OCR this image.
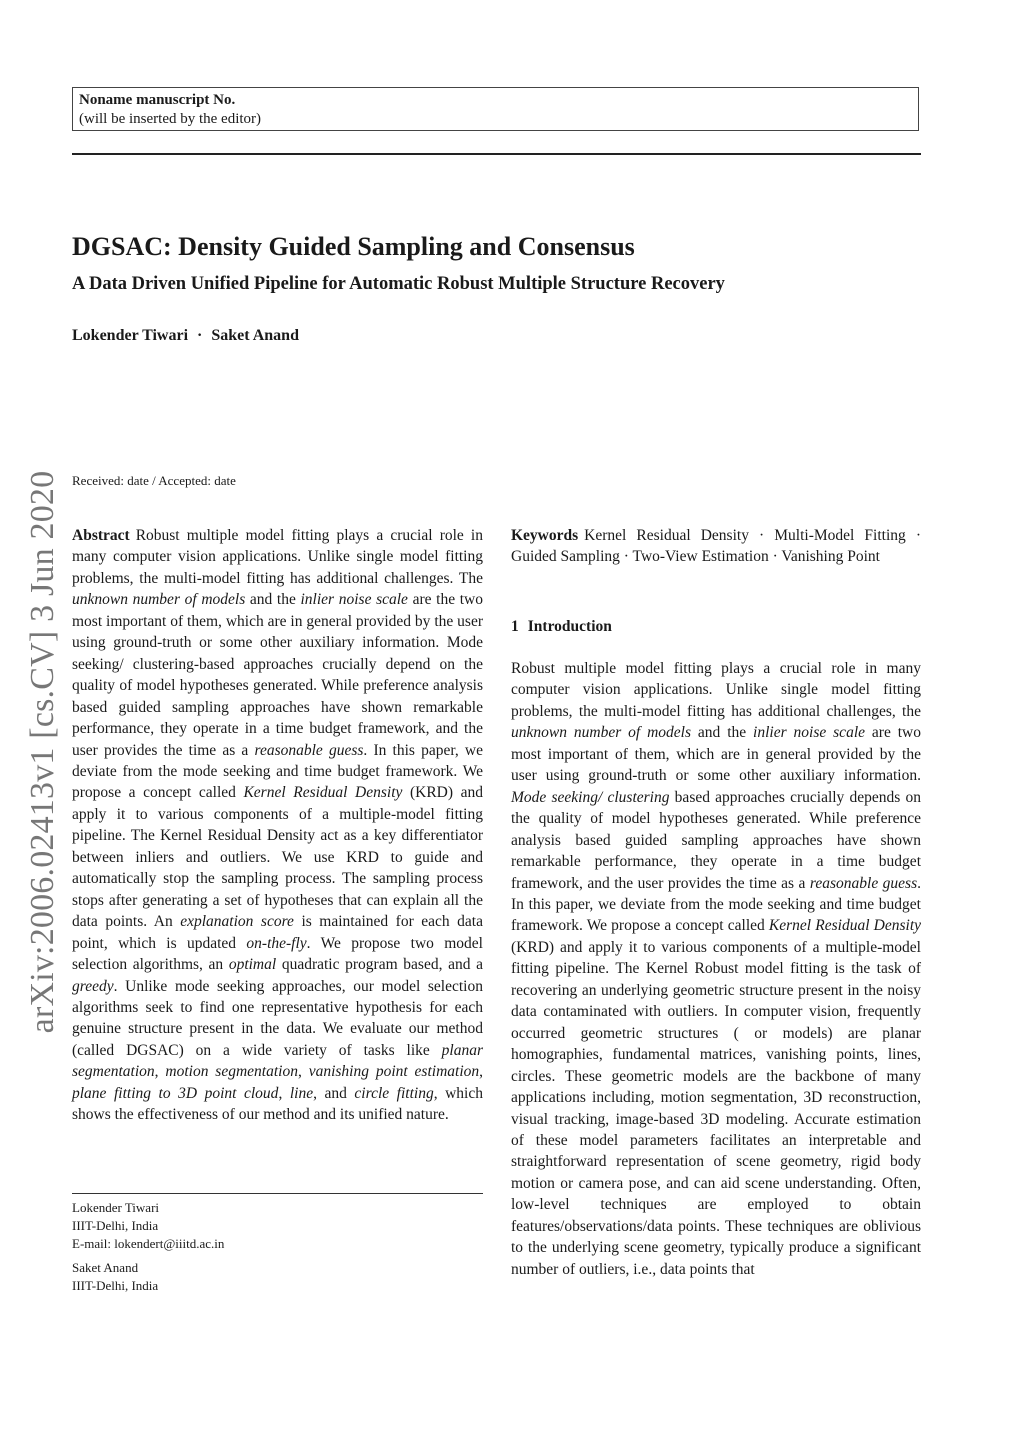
Noname manuscript No.
(will be inserted by the editor)
arXiv:2006.02413v1 [cs.CV] 3 Jun 2020
DGSAC: Density Guided Sampling and Consensus
A Data Driven Unified Pipeline for Automatic Robust Multiple Structure Recovery
Lokender Tiwari · Saket Anand
Received: date / Accepted: date
Abstract Robust multiple model fitting plays a crucial role in many computer vision applications. Unlike single model fitting problems, the multi-model fitting has additional challenges. The unknown number of models and the inlier noise scale are the two most important of them, which are in general provided by the user using ground-truth or some other auxiliary information. Mode seeking/ clustering-based approaches crucially depend on the quality of model hypotheses generated. While preference analysis based guided sampling approaches have shown remarkable performance, they operate in a time budget framework, and the user provides the time as a reasonable guess. In this paper, we deviate from the mode seeking and time budget framework. We propose a concept called Kernel Residual Density (KRD) and apply it to various components of a multiple-model fitting pipeline. The Kernel Residual Density act as a key differentiator between inliers and outliers. We use KRD to guide and automatically stop the sampling process. The sampling process stops after generating a set of hypotheses that can explain all the data points. An explanation score is maintained for each data point, which is updated on-the-fly. We propose two model selection algorithms, an optimal quadratic program based, and a greedy. Unlike mode seeking approaches, our model selection algorithms seek to find one representative hypothesis for each genuine structure present in the data. We evaluate our method (called DGSAC) on a wide variety of tasks like planar segmentation, motion segmentation, vanishing point estimation, plane fitting to 3D point cloud, line, and circle fitting, which shows the effectiveness of our method and its unified nature.
Keywords Kernel Residual Density · Multi-Model Fitting · Guided Sampling · Two-View Estimation · Vanishing Point
1 Introduction
Robust multiple model fitting plays a crucial role in many computer vision applications. Unlike single model fitting problems, the multi-model fitting has additional challenges, the unknown number of models and the inlier noise scale are two most important of them, which are in general provided by the user using ground-truth or some other auxiliary information. Mode seeking/ clustering based approaches crucially depends on the quality of model hypotheses generated. While preference analysis based guided sampling approaches have shown remarkable performance, they operate in a time budget framework, and the user provides the time as a reasonable guess. In this paper, we deviate from the mode seeking and time budget framework. We propose a concept called Kernel Residual Density (KRD) and apply it to various components of a multiple-model fitting pipeline. The Kernel Robust model fitting is the task of recovering an underlying geometric structure present in the noisy data contaminated with outliers. In computer vision, frequently occurred geometric structures ( or models) are planar homographies, fundamental matrices, vanishing points, lines, circles. These geometric models are the backbone of many applications including, motion segmentation, 3D reconstruction, visual tracking, image-based 3D modeling. Accurate estimation of these model parameters facilitates an interpretable and straightforward representation of scene geometry, rigid body motion or camera pose, and can aid scene understanding. Often, low-level techniques are employed to obtain features/observations/data points. These techniques are oblivious to the underlying scene geometry, typically produce a significant number of outliers, i.e., data points that
Lokender Tiwari
IIIT-Delhi, India
E-mail: lokendert@iiitd.ac.in
Saket Anand
IIIT-Delhi, India
